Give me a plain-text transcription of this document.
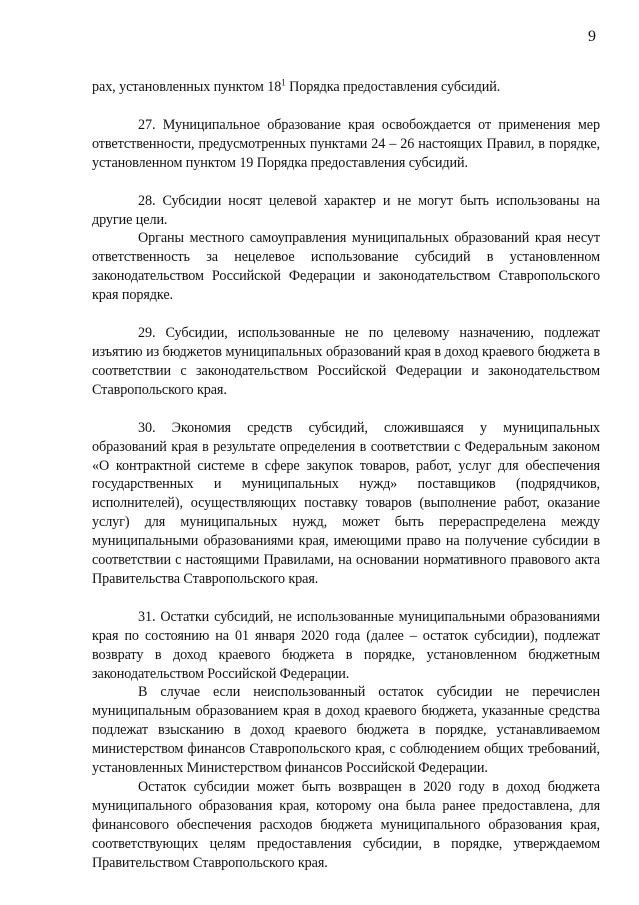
9

рах, установленных пунктом 18$^1$ Порядка предоставления субсидий.

27. Муниципальное образование края освобождается от применения мер ответственности, предусмотренных пунктами 24 – 26 настоящих Правил, в порядке, установленном пунктом 19 Порядка предоставления субсидий.

28. Субсидии носят целевой характер и не могут быть использованы на другие цели.

Органы местного самоуправления муниципальных образований края несут ответственность за нецелевое использование субсидий в установленном законодательством Российской Федерации и законодательством Ставропольского края порядке.

29. Субсидии, использованные не по целевому назначению, подлежат изъятию из бюджетов муниципальных образований края в доход краевого бюджета в соответствии с законодательством Российской Федерации и законодательством Ставропольского края.

30. Экономия средств субсидий, сложившаяся у муниципальных образований края в результате определения в соответствии с Федеральным законом «О контрактной системе в сфере закупок товаров, работ, услуг для обеспечения государственных и муниципальных нужд» поставщиков (подрядчиков, исполнителей), осуществляющих поставку товаров (выполнение работ, оказание услуг) для муниципальных нужд, может быть перераспределена между муниципальными образованиями края, имеющими право на получение субсидии в соответствии с настоящими Правилами, на основании нормативного правового акта Правительства Ставропольского края.

31. Остатки субсидий, не использованные муниципальными образованиями края по состоянию на 01 января 2020 года (далее – остаток субсидии), подлежат возврату в доход краевого бюджета в порядке, установленном бюджетным законодательством Российской Федерации.

В случае если неиспользованный остаток субсидии не перечислен муниципальным образованием края в доход краевого бюджета, указанные средства подлежат взысканию в доход краевого бюджета в порядке, устанавливаемом министерством финансов Ставропольского края, с соблюдением общих требований, установленных Министерством финансов Российской Федерации.

Остаток субсидии может быть возвращен в 2020 году в доход бюджета муниципального образования края, которому она была ранее предоставлена, для финансового обеспечения расходов бюджета муниципального образования края, соответствующих целям предоставления субсидии, в порядке, утверждаемом Правительством Ставропольского края.
